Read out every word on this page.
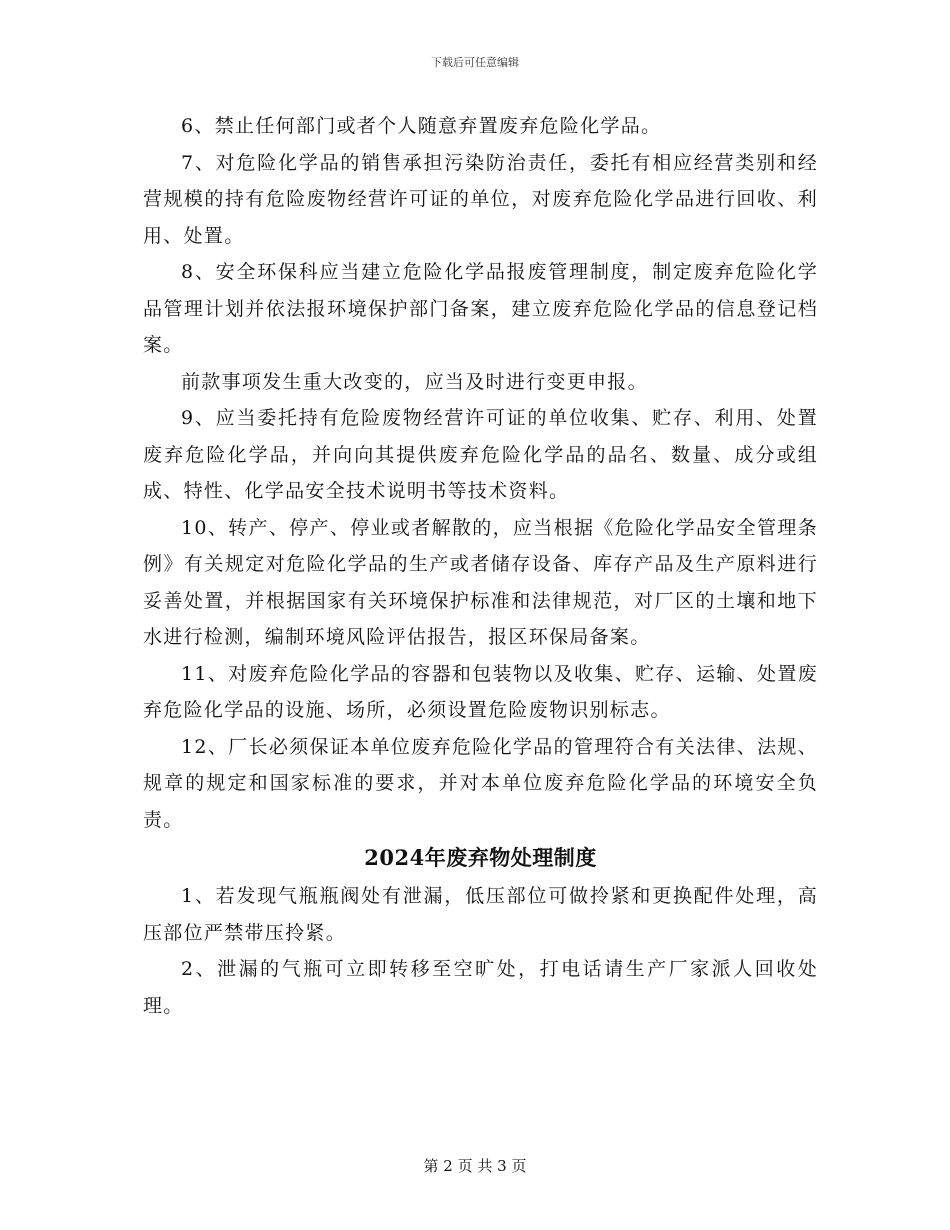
下载后可任意编辑

6、禁止任何部门或者个人随意弃置废弃危险化学品。

7、对危险化学品的销售承担污染防治责任，委托有相应经营类别和经营规模的持有危险废物经营许可证的单位，对废弃危险化学品进行回收、利用、处置。

8、安全环保科应当建立危险化学品报废管理制度，制定废弃危险化学品管理计划并依法报环境保护部门备案，建立废弃危险化学品的信息登记档案。

前款事项发生重大改变的，应当及时进行变更申报。

9、应当委托持有危险废物经营许可证的单位收集、贮存、利用、处置废弃危险化学品，并向向其提供废弃危险化学品的品名、数量、成分或组成、特性、化学品安全技术说明书等技术资料。

10、转产、停产、停业或者解散的，应当根据《危险化学品安全管理条例》有关规定对危险化学品的生产或者储存设备、库存产品及生产原料进行妥善处置，并根据国家有关环境保护标准和法律规范，对厂区的土壤和地下水进行检测，编制环境风险评估报告，报区环保局备案。

11、对废弃危险化学品的容器和包装物以及收集、贮存、运输、处置废弃危险化学品的设施、场所，必须设置危险废物识别标志。

12、厂长必须保证本单位废弃危险化学品的管理符合有关法律、法规、规章的规定和国家标准的要求，并对本单位废弃危险化学品的环境安全负责。

2024年废弃物处理制度

1、若发现气瓶瓶阀处有泄漏，低压部位可做拎紧和更换配件处理，高压部位严禁带压拎紧。

2、泄漏的气瓶可立即转移至空旷处，打电话请生产厂家派人回收处理。

第 2 页 共 3 页
